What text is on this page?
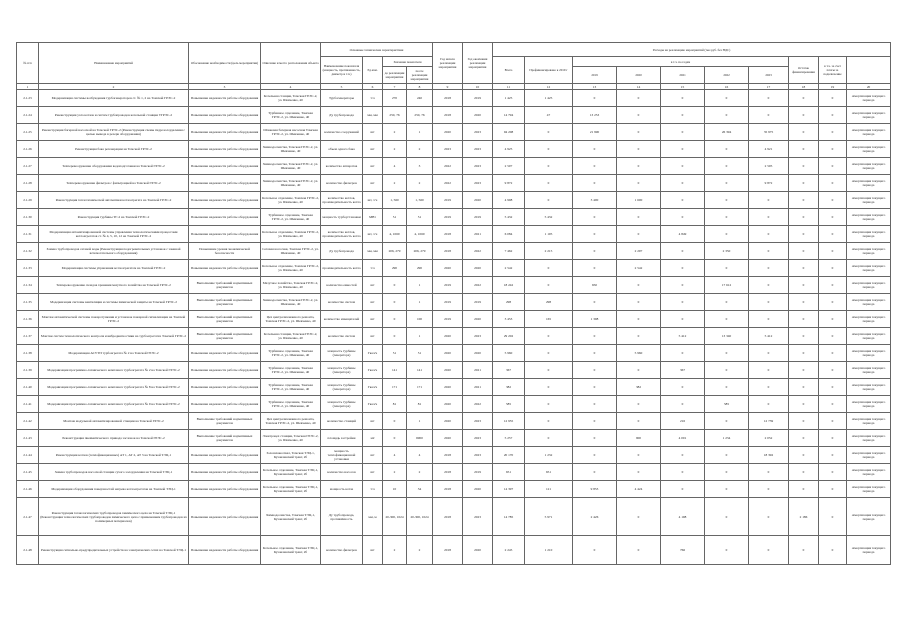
№ п/п	Наименование мероприятий	Обоснование необходимости (цель мероприятия)	Описание и место расположения объекта	Основные технические характеристики				Год начала реализации мероприятия	Год окончания реализации мероприятия	Расходы на реализацию мероприятий (тыс.руб. без НДС)	
				Наименование показателя (мощность, протяженность, диаметр и т.п.)	Ед.изм.	Значение показателя				Всего	Профинансировано к 2019 г	в т.ч. по годам					Остаток финансирования	в т.ч. за счет платы за подключение		
						до реализации мероприятия	после реализации мероприятия					2019	2020	2021	2022	2023				

1	2	3	4	5	6	7	8	9	10	11	12	13	14	15	16	17	18	19	20	
2.1.23	Модернизация системы возбуждения турбогенераторов ст. № 1, 2 на Томской ГРЭС-2	Повышение надежности работы оборудования	Котельная станция, Томская ГРЭС-2, ул. Шевченко, 40	Турбогенераторы	т/ч	270	240	2018	2019	1 425	1 425	0	0	0	0	0	0	0	Амортизация текущего периода	
2.1.24	Реконструкция узла котлов и систем трубопроводов котельной станции ТГРЭС-2	Повышение надежности работы оборудования	Турбинное отделение, Томская ГРЭС-2, ул. Шевченко, 40	Ду трубопровода	мм, мм	250, 76	250, 76	2018	2020	14 794	47	13 253	0	0	0	0	0	0	Амортизация текущего периода	
2.1.25	Реконструкция багерной насосной на Томской ГРЭС-2 (Реконструкция схемы гидрозолоудаления с целью вывода в резерв оборудования)	Повышение надежности работы оборудования	Шлаковая багерная насосная Томская ГРЭС-2, ул. Шевченко, 40	количество сооружений	шт	2	1	2020	2023	94 208	0	21 990	0	0	26 394	35 975	0	0	Амортизация текущего периода	
2.1.26	Реконструкция бака регенерации на Томской ГРЭС-2	Повышение надежности работы оборудования	Химводоочистка, Томская ГРЭС-2, ул. Шевченко, 40	объем одного бака	шт	2	2	2023	2023	4 925	0	0	0	0	0	4 921	0	0	Амортизация текущего периода	
2.1.27	Техперевооружение оборудования водоподготовки на Томской ГРЭС-2	Повышение надежности работы оборудования	Химводоочистка, Томская ГРЭС-2, ул. Шевченко, 40	количество аппаратов	шт	4	3	2022	2023	2 507	0	0	0	0	0	2 505	0	0	Амортизация текущего периода	
2.1.28	Техперевооружение фильтров с фильтрацией на Томской ГРЭС-2	Повышение надежности работы оборудования	Химводоочистка, Томская ГРЭС-2, ул. Шевченко, 40	количество фильтров	шт	2	2	2022	2023	9 872	0	0	0	0	0	9 872	0	0	Амортизация текущего периода	
2.1.29	Реконструкция теплотехнической автоматики котлоагрегата на Томской ГРЭС-2	Повышение надежности работы оборудования	Котельное отделение, Томская ГРЭС-2, ул. Шевченко, 40	количество котлов, производительность котла	шт, т/ч	1, 560	1, 560	2019	2020	4 998	0	3 400	1 600	0	0	0	0	0	Амортизация текущего периода	
2.1.30	Реконструкция турбины ТГ-2 на Томской ГРЭС-2	Повышение надежности работы оборудования	Турбинное отделение, Томская ГРЭС-2, ул. Шевченко, 40	мощность турбоустановки	МВт	51	51	2019	2019	5 432	5 432	0	0	0	0	0	0	0	Амортизация текущего периода	
2.1.31	Модернизация автоматизированной системы управления технологическими процессами котлоагрегатов ст. № 4, 5, 10, 12 на Томской ГРЭС-2	Повышение надежности работы оборудования	Котельное отделение, Томская ГРЭС-2, ул. Шевченко, 40	количество котлов, производительность котла	шт, т/ч	4, 1060	4, 1060	2018	2021	6 084	1 105	0	0	4 849	0	0	0	0	Амортизация текущего периода	
2.1.32	Замена трубопроводов сетевой воды (Реконструкция подогревательных установок с заменой вспомогательного оборудования)	Повышение уровня экономической безопасности	Сетевая насосная, Томская ГРЭС-2, ул. Шевченко, 40	Ду трубопровода	мм, мм	206, 279	206, 279	2018	2022	7 462	2 215	0	2 297	0	2 350	0	0	0	Амортизация текущего периода	
2.1.33	Модернизация системы управления котлоагрегатом на Томской ГРЭС-2	Повышение надежности работы оборудования	Котельное отделение, Томская ГРЭС-2, ул. Шевченко, 40	производительность котла	т/ч	290	290	2020	2020	2 542	0	0	2 542	0	0	0	0	0	Амортизация текущего периода	
2.1.34	Техперевооружение складов хранения мазутного хозяйства на Томской ГРЭС-2	Выполнение требований нормативных документов	Мазутное хозяйство, Томская ГРЭС-2, ул. Шевченко, 40	количество емкостей	шт	0	1	2019	2022	18 242	0	650	0	0	17 612	0	0	0	Амортизация текущего периода	
2.1.35	Модернизация системы вентиляции и системы химической защиты на Томской ГРЭС-2	Выполнение требований нормативных документов	Химводоочистка, Томская ГРЭС-2, ул. Шевченко, 40	количество систем	шт	0	1	2019	2019	298	298	0	0	0	0	0	0	0	Амортизация текущего периода	
2.1.36	Монтаж автоматической системы пожаротушения и установок пожарной сигнализации на Томской ГРЭС-2	Выполнение требований нормативных документов	Цех централизованного ремонта, Томская ГРЭС-2, ул. Шевченко, 40	количество извещателей	шт	0	100	2019	2020	3 453	165	1 398	0	0	0	0	0	0	Амортизация текущего периода	
2.1.37	Монтаж систем технологического контроля и вибродиагностики на турбоагрегатах Томской ГРЭС-2	Выполнение требований нормативных документов	Котельная станция, Томская ГРЭС-2, ул. Шевченко, 40	количество систем	шт	0	1	2020	2023	29 202	0	0	0	5 412	13 340	5 412	0	0	Амортизация текущего периода	
2.1.38	Модернизация АСУТП турбоагрегата № 2 на Томской ГРЭС-2	Повышение надежности работы оборудования	Турбинное отделение, Томская ГРЭС-2, ул. Шевченко, 40	мощность турбины (генератора)	Гкал/ч	51	51	2020	2020	5 960	0	0	5 960	0	0	0	0	0	Амортизация текущего периода	
2.1.39	Модернизация программно-технического комплекса турбоагрегата № 2 на Томской ГРЭС-2	Повышение надежности работы оборудования	Турбинное отделение, Томская ГРЭС-2, ул. Шевченко, 40	мощность турбины (генератора)	Гкал/ч	141	141	2020	2021	367	0	0	0	367	0	0	0	0	Амортизация текущего периода	
2.1.40	Модернизация программно-технического комплекса турбоагрегата № 8 на Томской ГРЭС-2	Повышение надежности работы оборудования	Турбинное отделение, Томская ГРЭС-2, ул. Шевченко, 40	мощность турбины (генератора)	Гкал/ч	171	171	2020	2021	382	0	0	382	0	0	0	0	0	Амортизация текущего периода	
2.1.41	Модернизация программно-технического комплекса турбоагрегата № 9 на Томской ГРЭС-2	Повышение надежности работы оборудования	Турбинное отделение, Томская ГРЭС-2, ул. Шевченко, 40	мощность турбины (генератора)	Гкал/ч	81	81	2020	2022	585	0	0	0	0	585	0	0	0	Амортизация текущего периода	
2.1.42	Монтаж модульной автоматизированной станции на Томской ГРЭС-2	Выполнение требований нормативных документов	Цех централизованного ремонта, Томская ГРЭС-2, ул. Шевченко, 40	количество станций	шт	0	1	2020	2023	12 955	0	0	0	216	0	12 739	0	0	Амортизация текущего периода	
2.1.43	Реконструкция пневматического привода заслонок на Томской ГРЭС-2	Выполнение требований нормативных документов	Электроцех станции, Томская ГРЭС-2, ул. Шевченко, 40	площадь застройки	м2	0	6900	2020	2023	5 257	0	0	900	4 001	1 234	2 052	0	0	Амортизация текущего периода	
2.1.44	Реконструкция котлов (теплофикационных) АТ 1, АТ 2, АТ 3 на Томской ТЭЦ-1	Повышение надежности работы оборудования	Золошлакоотвал, Томская ТЭЦ-1, Кузовлевский тракт, 2б	мощность теплофикационной установки	шт	4	4	2018	2023	20 170	1 232	0	0	0	0	18 392	0	0	Амортизация текущего периода	
2.1.45	Замена трубопроводов насосной станции сухого золоудаления на Томской ТЭЦ-1	Повышение надежности работы оборудования	Котельное отделение, Томская ТЭЦ-1, Кузовлевский тракт, 2б	количество насосов	шт	2	2	2018	2019	651	651	0	0	0	0	0	0	0	Амортизация текущего периода	
2.1.46	Модернизация оборудования поверхностей нагрева котлоагрегатов на Томской ТЭЦ-1	Повышение надежности работы оборудования	Котельное отделение, Томская ТЭЦ-1, Кузовлевский тракт, 2б	мощность котла	т/ч	10	34	2018	2020	14 397	121	9 853	4 424	0	0	0	0	0	Амортизация текущего периода	
2.1.47	Реконструкция технологических трубопроводов химического цеха на Томской ТЭЦ-1 (Реконструкция технологических трубопроводов химического цеха с применением трубопроводов из полимерных материалов)	Повышение надежности работы оборудования	Химводоочистка, Томская ТЭЦ-1, Кузовлевский тракт, 2б	Ду трубопровода, протяжённость	мм, м	20-300, 1024	20-300, 1024	2018	2023	14 785	5 971	2 426	0	4 198	0	0	2 186	0	Амортизация текущего периода	
2.1.48	Реконструкция сигнально-предупредительных устройств на электрических сетях на Томской ТЭЦ-1	Повышение надежности работы оборудования	Котельное отделение, Томская ТЭЦ-1, Кузовлевский тракт, 2б	количество фильтров	шт	2	2	2018	2020	2 245	1 210	0	0	766	0	0	0	0	Амортизация текущего периода	
